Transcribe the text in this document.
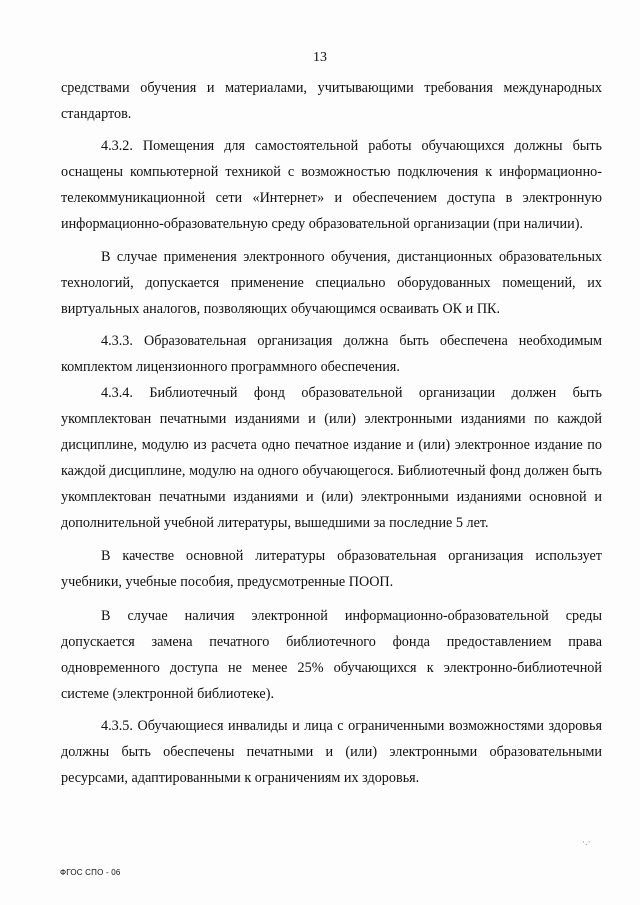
13

средствами обучения и материалами, учитывающими требования международных стандартов.

4.3.2. Помещения для самостоятельной работы обучающихся должны быть оснащены компьютерной техникой с возможностью подключения к информационно-телекоммуникационной сети «Интернет» и обеспечением доступа в электронную информационно-образовательную среду образовательной организации (при наличии).

В случае применения электронного обучения, дистанционных образовательных технологий, допускается применение специально оборудованных помещений, их виртуальных аналогов, позволяющих обучающимся осваивать ОК и ПК.

4.3.3. Образовательная организация должна быть обеспечена необходимым комплектом лицензионного программного обеспечения.

4.3.4. Библиотечный фонд образовательной организации должен быть укомплектован печатными изданиями и (или) электронными изданиями по каждой дисциплине, модулю из расчета одно печатное издание и (или) электронное издание по каждой дисциплине, модулю на одного обучающегося. Библиотечный фонд должен быть укомплектован печатными изданиями и (или) электронными изданиями основной и дополнительной учебной литературы, вышедшими за последние 5 лет.

В качестве основной литературы образовательная организация использует учебники, учебные пособия, предусмотренные ПООП.

В случае наличия электронной информационно-образовательной среды допускается замена печатного библиотечного фонда предоставлением права одновременного доступа не менее 25% обучающихся к электронно-библиотечной системе (электронной библиотеке).

4.3.5. Обучающиеся инвалиды и лица с ограниченными возможностями здоровья должны быть обеспечены печатными и (или) электронными образовательными ресурсами, адаптированными к ограничениям их здоровья.

·.·
ФГОС СПО - 06
